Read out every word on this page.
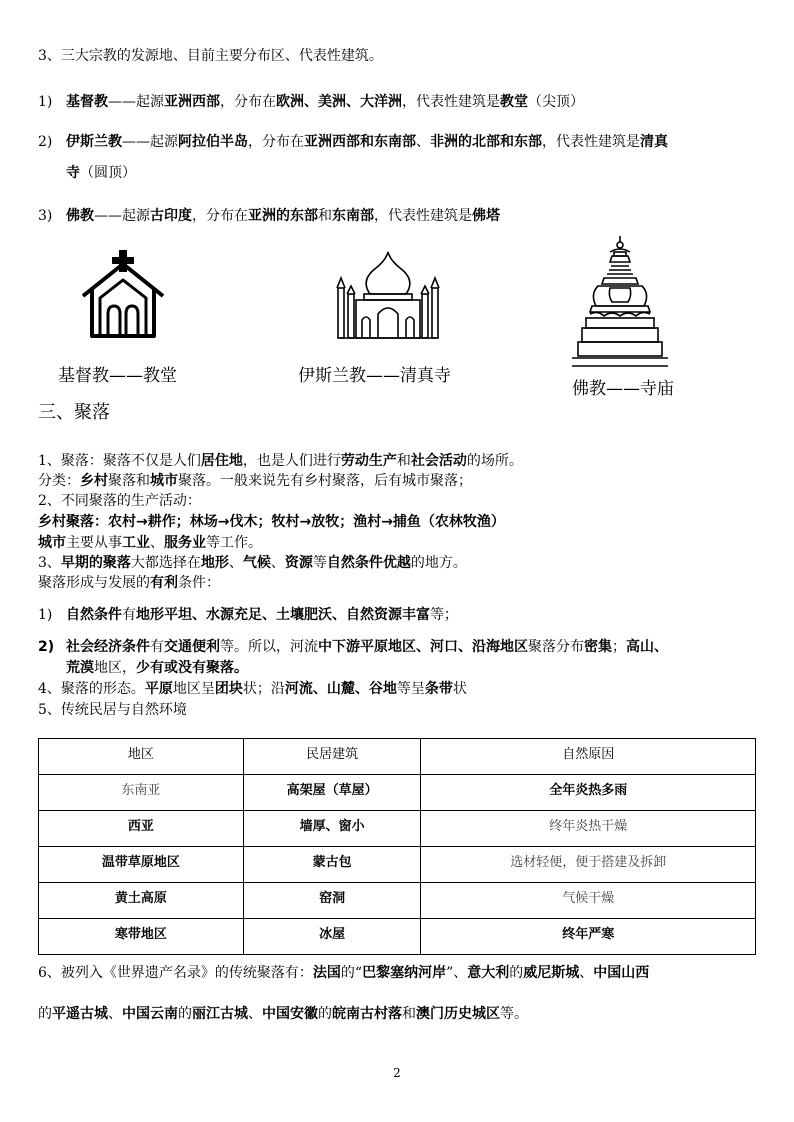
3、三大宗教的发源地、目前主要分布区、代表性建筑。
1) 基督教——起源亚洲西部，分布在欧洲、美洲、大洋洲，代表性建筑是教堂（尖顶）
2) 伊斯兰教——起源阿拉伯半岛，分布在亚洲西部和东南部、非洲的北部和东部，代表性建筑是清真
寺（圆顶）
3) 佛教——起源古印度，分布在亚洲的东部和东南部，代表性建筑是佛塔
基督教——教堂	伊斯兰教——清真寺
佛教——寺庙
三、聚落
1、聚落：聚落不仅是人们居住地，也是人们进行劳动生产和社会活动的场所。
分类：乡村聚落和城市聚落。一般来说先有乡村聚落，后有城市聚落；
2、不同聚落的生产活动：
乡村聚落：农村→耕作；林场→伐木；牧村→放牧；渔村→捕鱼（农林牧渔）
城市主要从事工业、服务业等工作。
3、早期的聚落大都选择在地形、气候、资源等自然条件优越的地方。
聚落形成与发展的有利条件：
1) 自然条件有地形平坦、水源充足、土壤肥沃、自然资源丰富等；
2) 社会经济条件有交通便利等。所以，河流中下游平原地区、河口、沿海地区聚落分布密集；高山、
荒漠地区，少有或没有聚落。
4、聚落的形态。平原地区呈团块状；沿河流、山麓、谷地等呈条带状
5、传统民居与自然环境
地区	民居建筑	自然原因
东南亚	高架屋（草屋）	全年炎热多雨
西亚	墙厚、窗小	终年炎热干燥
温带草原地区	蒙古包	选材轻便，便于搭建及拆卸
黄土高原	窑洞	气候干燥
寒带地区	冰屋	终年严寒
6、被列入《世界遗产名录》的传统聚落有：法国的“巴黎塞纳河岸”、意大利的威尼斯城、中国山西
的平遥古城、中国云南的丽江古城、中国安徽的皖南古村落和澳门历史城区等。
2
